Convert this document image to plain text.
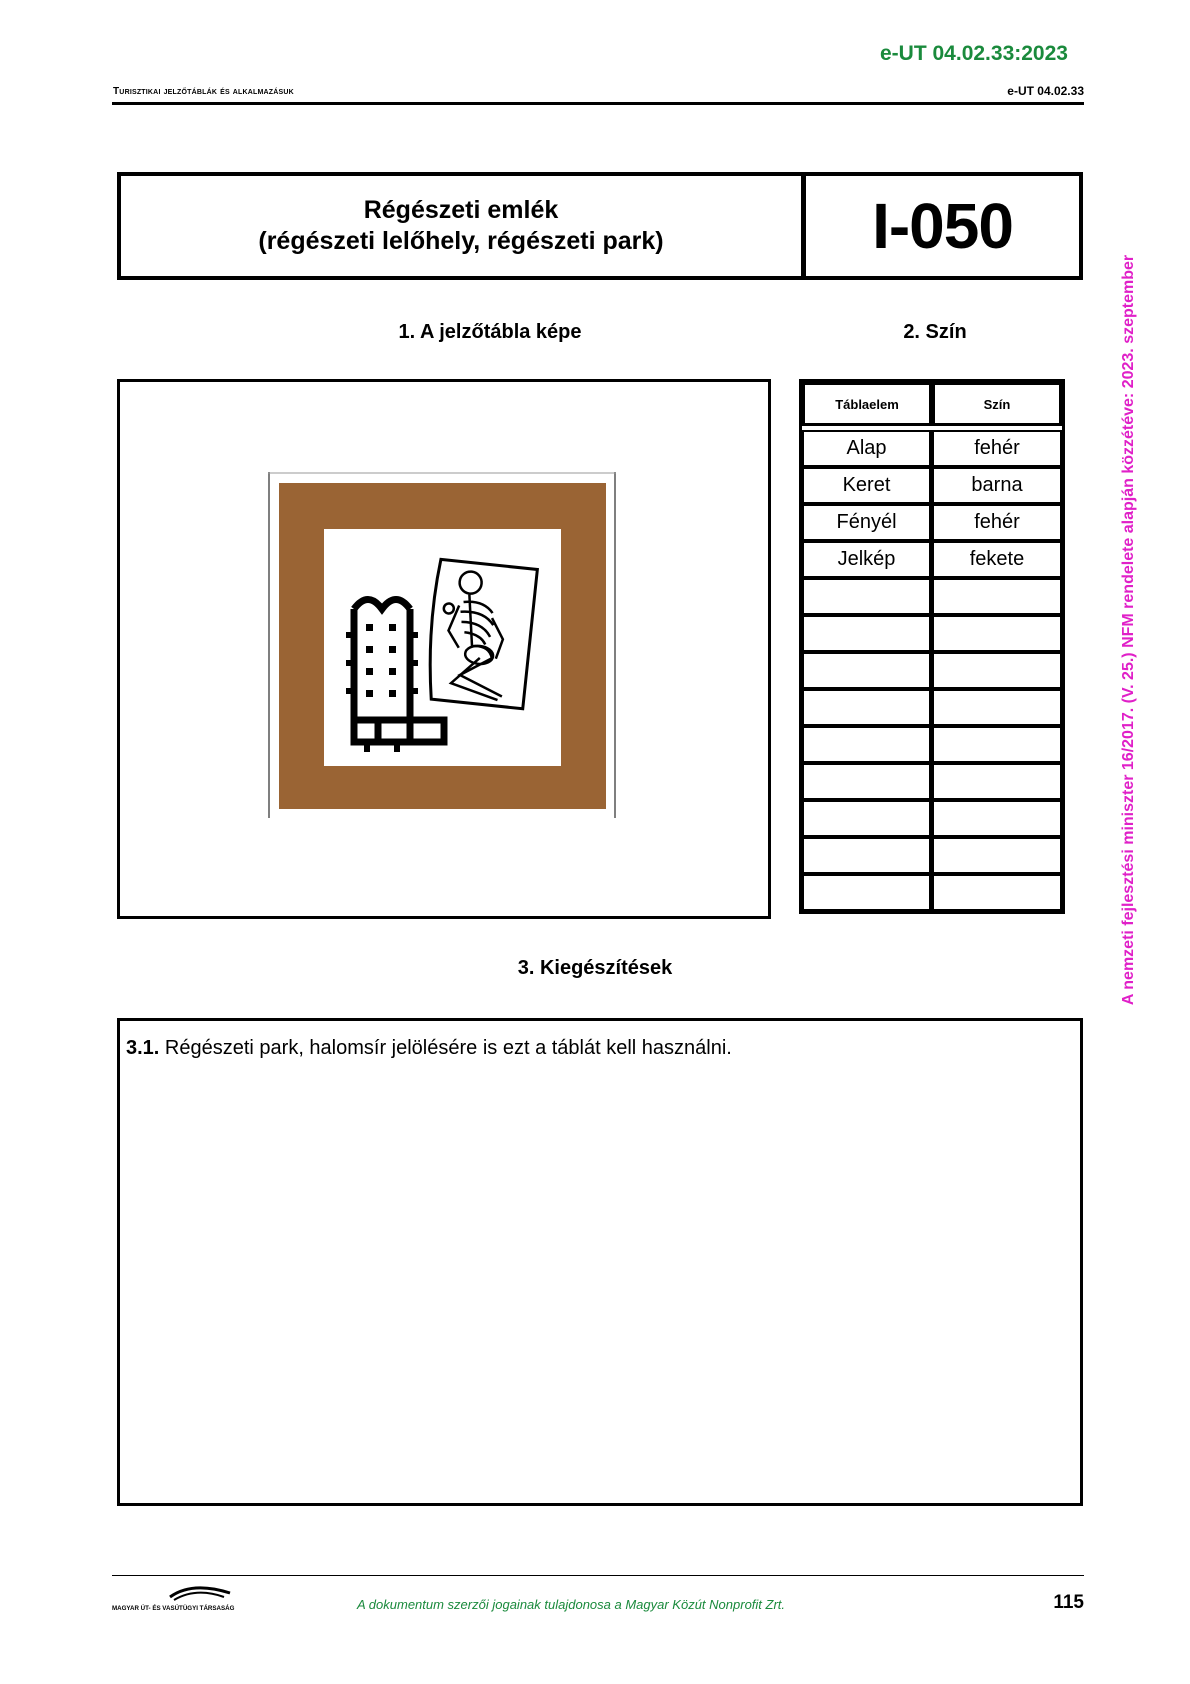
e-UT 04.02.33:2023
Turisztikai jelzőtáblák és alkalmazásuk	e-UT 04.02.33
A nemzeti fejlesztési miniszter 16/2017. (V. 25.) NFM rendelete alapján közzétéve: 2023. szeptember
Régészeti emlék
(régészeti lelőhely, régészeti park)	I-050
1. A jelzőtábla képe	2. Szín
Táblaelem	Szín

Alap	fehér
Keret	barna
Fényél	fehér
Jelkép	fekete

3. Kiegészítések
3.1. Régészeti park, halomsír jelölésére is ezt a táblát kell használni.
MAGYAR ÚT- ÉS VASÚTÜGYI TÁRSASÁG	A dokumentum szerzői jogainak tulajdonosa a Magyar Közút Nonprofit Zrt.	115
